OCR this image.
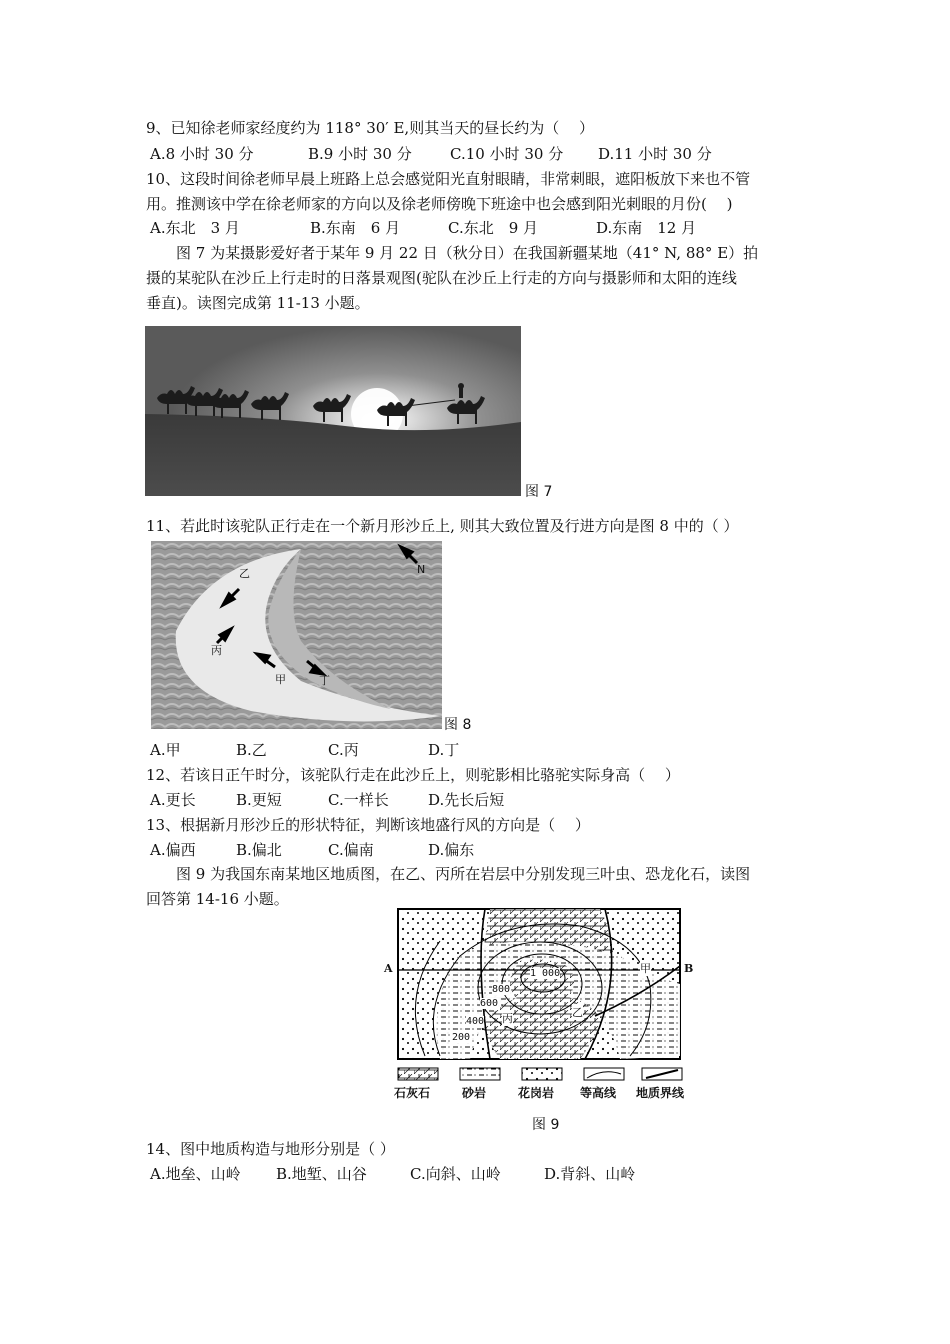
9、已知徐老师家经度约为 118° 30′ E,则其当天的昼长约为（　 ）
A.8 小时 30 分	B.9 小时 30 分	C.10 小时 30 分 D.11 小时 30 分
10、这段时间徐老师早晨上班路上总会感觉阳光直射眼睛，非常刺眼，遮阳板放下来也不管
用。推测该中学在徐老师家的方向以及徐老师傍晚下班途中也会感到阳光刺眼的月份(　 )
A.东北　3 月	B.东南　6 月	C.东北　9 月	D.东南　12 月
图 7 为某摄影爱好者于某年 9 月 22 日（秋分日）在我国新疆某地（41° N, 88° E）拍
摄的某驼队在沙丘上行走时的日落景观图(驼队在沙丘上行走的方向与摄影师和太阳的连线
垂直)。读图完成第 11-13 小题。
图 7
11、若此时该驼队正行走在一个新月形沙丘上, 则其大致位置及行进方向是图 8 中的（ ）
乙
丙
甲	丁
N
图 8
A.甲	B.乙	C.丙	D.丁
12、若该日正午时分，该驼队行走在此沙丘上，则驼影相比骆驼实际身高（　 ）
A.更长	B.更短	C.一样长	D.先长后短
13、根据新月形沙丘的形状特征，判断该地盛行风的方向是（　 ）
A.偏西	B.偏北	C.偏南	D.偏东
图 9 为我国东南某地区地质图，在乙、丙所在岩层中分别发现三叶虫、恐龙化石，读图
回答第 14-16 小题。
A	B
1 000
800
600
400
200
甲
乙
丙
石灰石	砂岩	花岗岩 等高线 地质界线
图 9
14、图中地质构造与地形分别是（ ）
A.地垒、山岭 B.地堑、山谷	C.向斜、山岭	D.背斜、山岭
